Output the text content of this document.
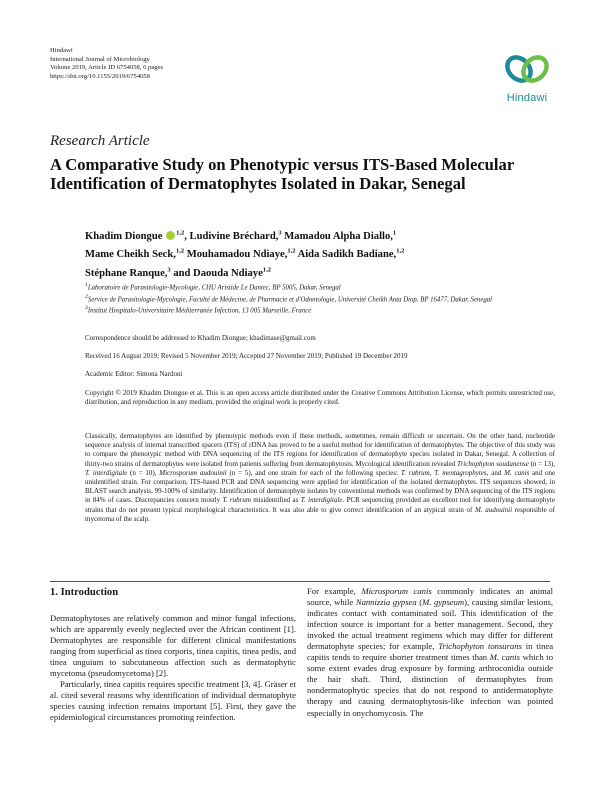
Hindawi
International Journal of Microbiology
Volume 2019, Article ID 6754058, 6 pages
https://doi.org/10.1155/2019/6754058
Hindawi
Research Article
A Comparative Study on Phenotypic versus ITS-Based Molecular Identification of Dermatophytes Isolated in Dakar, Senegal
Khadim Diongue $^{1,2}$, Ludivine Bréchard,$^3$ Mamadou Alpha Diallo,$^1$
Mame Cheikh Seck,$^{1,2}$ Mouhamadou Ndiaye,$^{1,2}$ Aida Sadikh Badiane,$^{1,2}$
Stéphane Ranque,$^3$ and Daouda Ndiaye$^{1,2}$
$^1$Laboratoire de Parasitologie-Mycologie, CHU Aristide Le Dantec, BP 5005, Dakar, Senegal
$^2$Service de Parasitologie-Mycologie, Faculté de Médecine, de Pharmacie et d'Odontologie, Université Cheikh Anta Diop, BP 16477, Dakar, Senegal
$^3$Institut Hospitalo-Universitaire Méditerranée Infection, 13 005 Marseille, France
Correspondence should be addressed to Khadim Diongue; khadimase@gmail.com
Received 16 August 2019; Revised 5 November 2019; Accepted 27 November 2019; Published 19 December 2019
Academic Editor: Simona Nardoni
Copyright © 2019 Khadim Diongue et al. This is an open access article distributed under the Creative Commons Attribution License, which permits unrestricted use, distribution, and reproduction in any medium, provided the original work is properly cited.
Classically, dermatophytes are identified by phenotypic methods even if these methods, sometimes, remain difficult or uncertain. On the other hand, nucleotide sequence analysis of internal transcribed spacers (ITS) of rDNA has proved to be a useful method for identification of dermatophytes. The objective of this study was to compare the phenotypic method with DNA sequencing of the ITS regions for identification of dermatophyte species isolated in Dakar, Senegal. A collection of thirty-two strains of dermatophytes were isolated from patients suffering from dermatophytosis. Mycological identification revealed Trichophyton soudanense (n = 13), T. interdigitale (n = 10), Microsporum audouinii (n = 5), and one strain for each of the following species: T. rubrum, T. mentagrophytes, and M. canis and one unidentified strain. For comparison, ITS-based PCR and DNA sequencing were applied for identification of the isolated dermatophytes. ITS sequences showed, in BLAST search analysis, 99-100% of similarity. Identification of dermatophyte isolates by conventional methods was confirmed by DNA sequencing of the ITS regions in 84% of cases. Discrepancies concern mostly T. rubrum misidentified as T. interdigitale. PCR sequencing provided an excellent tool for identifying dermatophyte strains that do not present typical morphological characteristics. It was also able to give correct identification of an atypical strain of M. audouinii responsible of mycetoma of the scalp.
1. Introduction

Dermatophytoses are relatively common and minor fungal infections, which are apparently evenly neglected over the African continent [1]. Dermatophytes are responsible for different clinical manifestations ranging from superficial as tinea corporis, tinea capitis, tinea pedis, and tinea unguium to subcutaneous affection such as dermatophytic mycetoma (pseudomycetoma) [2].

Particularly, tinea capitis requires specific treatment [3, 4]. Gräser et al. cited several reasons why identification of individual dermatophyte species causing infection remains important [5]. First, they gave the epidemiological circumstances promoting reinfection.

For example, Microsporum canis commonly indicates an animal source, while Nannizzia gypsea (M. gypseum), causing similar lesions, indicates contact with contaminated soil. This identification of the infection source is important for a better management. Second, they invoked the actual treatment regimens which may differ for different dermatophyte species; for example, Trichophyton tonsurans in tinea capitis tends to require shorter treatment times than M. canis which to some extent evades drug exposure by forming arthroconidia outside the hair shaft. Third, distinction of dermatophytes from nondermatophytic species that do not respond to antidermatophyte therapy and causing dermatophytosis-like infection was pointed especially in onychomycosis. The
